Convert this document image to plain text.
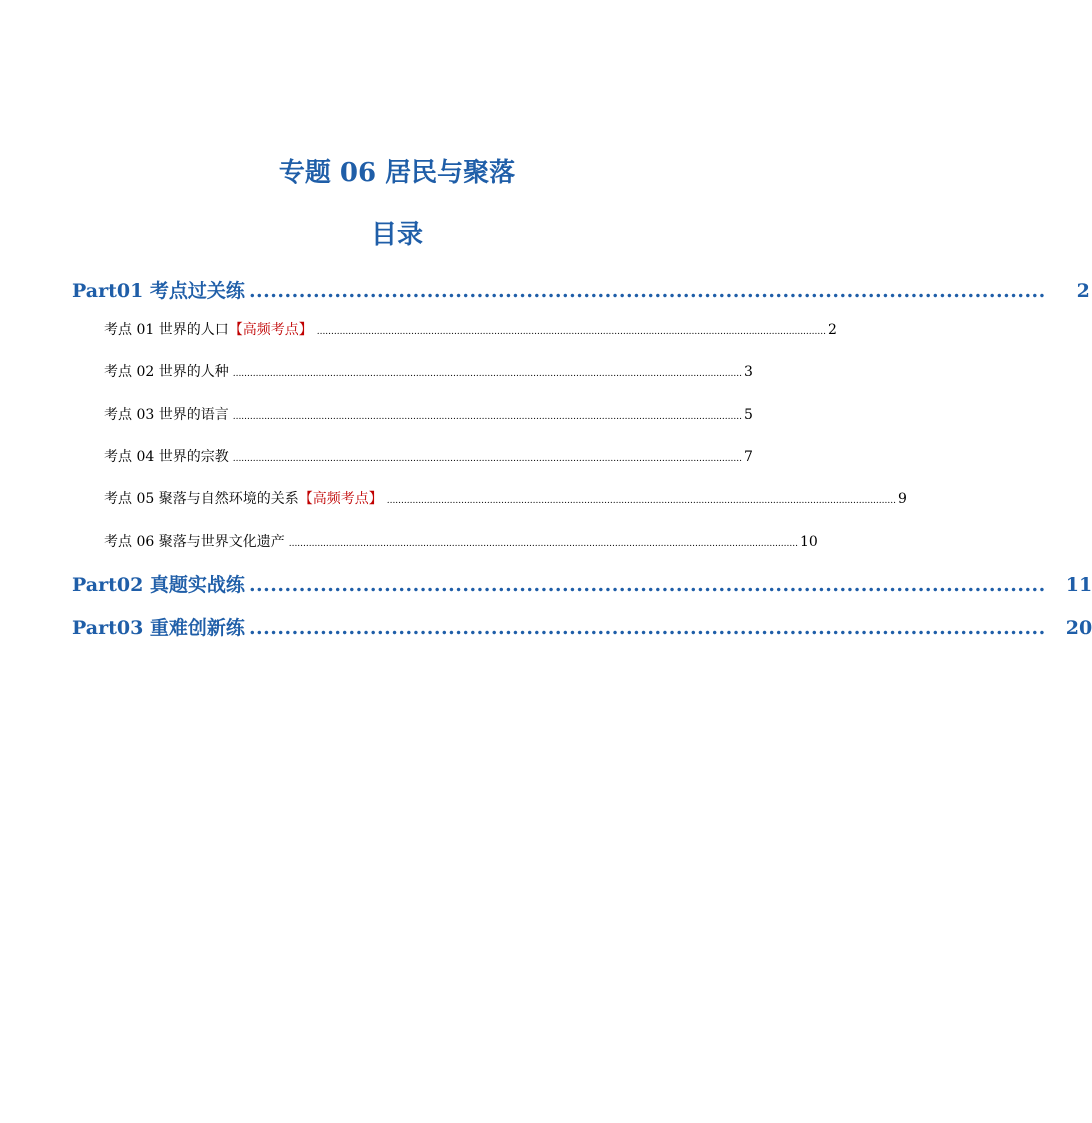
专题 06 居民与聚落
目录
Part01 考点过关练 ................................................................................................................	2
考点 01 世界的人口 【高频考点】 .................................................................................................................................................................................. 2
考点 02 世界的人种 .................................................................................................................................................................................. 3
考点 03 世界的语言 .................................................................................................................................................................................. 5
考点 04 世界的宗教 .................................................................................................................................................................................. 7
考点 05 聚落与自然环境的关系 【高频考点】 .................................................................................................................................................................................. 9
考点 06 聚落与世界文化遗产 .................................................................................................................................................................................. 10
Part02 真题实战练 ................................................................................................................ 11
Part03 重难创新练 ................................................................................................................ 20
